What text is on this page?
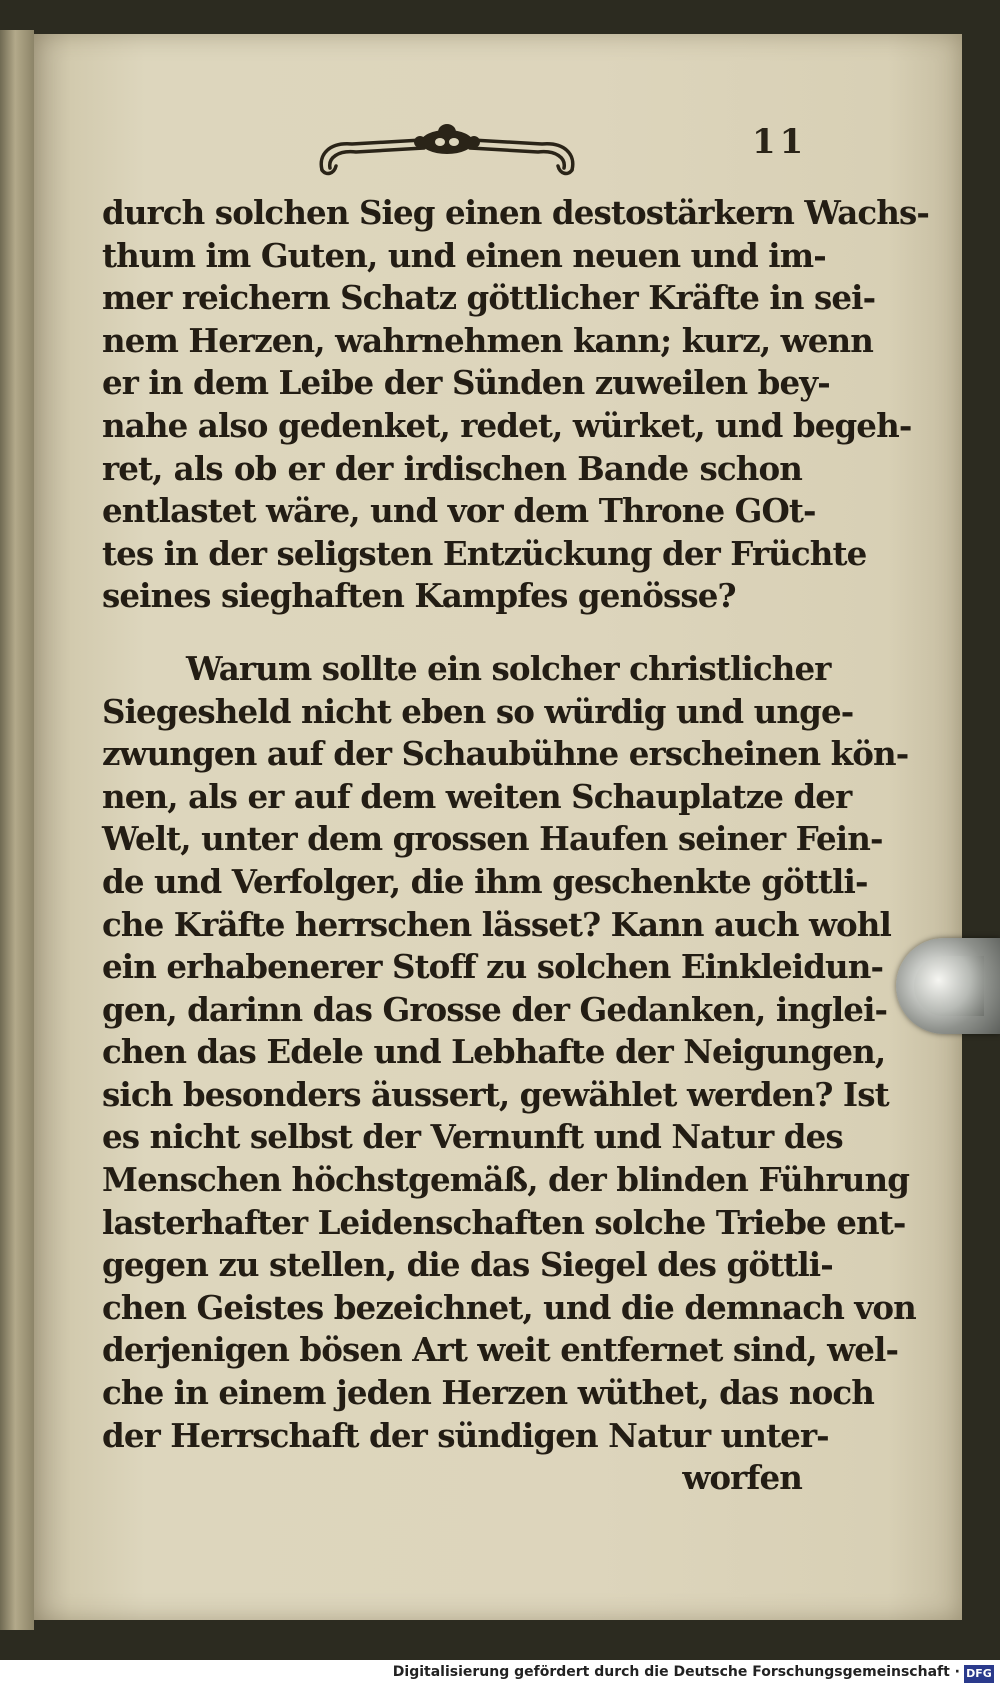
11
durch solchen Sieg einen destostärkern Wachs-
thum im Guten, und einen neuen und im-
mer reichern Schatz göttlicher Kräfte in sei-
nem Herzen, wahrnehmen kann; kurz, wenn
er in dem Leibe der Sünden zuweilen bey-
nahe also gedenket, redet, würket, und begeh-
ret, als ob er der irdischen Bande schon
entlastet wäre, und vor dem Throne GOt-
tes in der seligsten Entzückung der Früchte
seines sieghaften Kampfes genösse?
Warum sollte ein solcher christlicher
Siegesheld nicht eben so würdig und unge-
zwungen auf der Schaubühne erscheinen kön-
nen, als er auf dem weiten Schauplatze der
Welt, unter dem grossen Haufen seiner Fein-
de und Verfolger, die ihm geschenkte göttli-
che Kräfte herrschen lässet? Kann auch wohl
ein erhabenerer Stoff zu solchen Einkleidun-
gen, darinn das Grosse der Gedanken, inglei-
chen das Edele und Lebhafte der Neigungen,
sich besonders äussert, gewählet werden? Ist
es nicht selbst der Vernunft und Natur des
Menschen höchstgemäß, der blinden Führung
lasterhafter Leidenschaften solche Triebe ent-
gegen zu stellen, die das Siegel des göttli-
chen Geistes bezeichnet, und die demnach von
derjenigen bösen Art weit entfernet sind, wel-
che in einem jeden Herzen wüthet, das noch
der Herrschaft der sündigen Natur unter-
worfen
Digitalisierung gefördert durch die Deutsche Forschungsgemeinschaft · DFG
